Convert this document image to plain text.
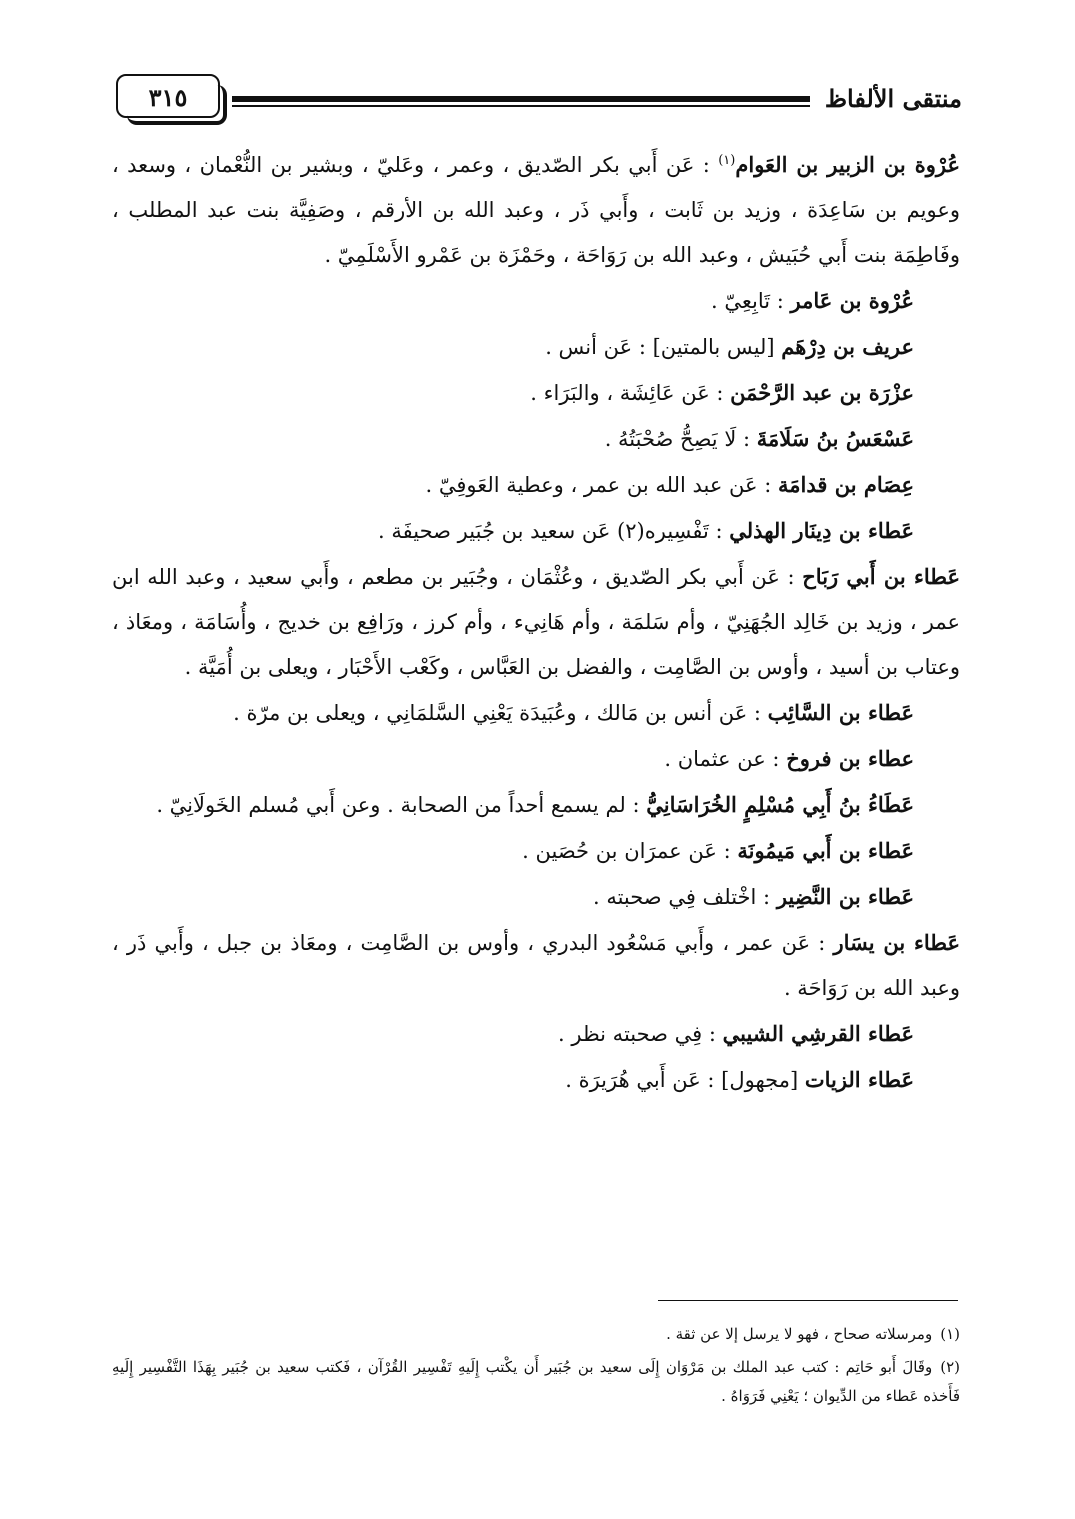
منتقى الألفاظ
٣١٥

عُرْوة بن الزبير بن العَوام$^{(١)}$ : عَن أَبي بكر الصّديق ، وعمر ، وعَليّ ، وبشير بن النُّعْمان ، وسعد ، وعويم بن سَاعِدَة ، وزيد بن ثَابت ، وأَبي ذَر ، وعبد الله بن الأرقم ، وصَفِيَّة بنت عبد المطلب ، وفَاطِمَة بنت أَبي حُبَيش ، وعبد الله بن رَوَاحَة ، وحَمْزَة بن عَمْرو الأَسْلَمِيّ .

عُرْوة بن عَامر : تَابِعِيّ .

عريف بن دِرْهَم [ليس بالمتين] : عَن أنس .

عزْرَة بن عبد الرَّحْمَن : عَن عَائِشَة ، والبَرَاء .

عَسْعَسُ بنُ سَلَامَةَ : لَا يَصِحُّ صُحْبَتُهُ .

عِصَام بن قدامَة : عَن عبد الله بن عمر ، وعطية العَوفِيّ .

عَطاء بن دِينَار الهذلي : تَفْسِيره(٢) عَن سعيد بن جُبَير صحيفَة .

عَطاء بن أَبي رَبَاح : عَن أَبي بكر الصّديق ، وعُثْمَان ، وجُبَير بن مطعم ، وأَبي سعيد ، وعبد الله ابن عمر ، وزيد بن خَالِد الجُهَنِيّ ، وأم سَلمَة ، وأم هَانِيء ، وأم كرز ، ورَافِع بن خديج ، وأُسَامَة ، ومعَاذ ، وعتاب بن أسيد ، وأوس بن الصَّامِت ، والفضل بن العَبَّاس ، وكَعْب الأَحْبَار ، ويعلى بن أُمَيَّة .

عَطاء بن السَّائِب : عَن أنس بن مَالك ، وعُبَيدَة يَعْنِي السَّلمَانِي ، ويعلى بن مرّة .

عطاء بن فروخ : عن عثمان .

عَطَاءُ بنُ أَبِي مُسْلِمٍ الخُرَاسَانِيُّ : لم يسمع أحداً من الصحابة . وعن أَبي مُسلم الخَولَانِيّ .

عَطاء بن أَبي مَيمُونَة : عَن عمرَان بن حُصَين .

عَطاء بن النَّضِير : اخْتلف فِي صحبته .

عَطاء بن يسَار : عَن عمر ، وأَبي مَسْعُود البدري ، وأوس بن الصَّامِت ، ومعَاذ بن جبل ، وأَبي ذَر ، وعبد الله بن رَوَاحَة .

عَطاء القرشِي الشيبي : فِي صحبته نظر .

عَطاء الزيات [مجهول] : عَن أَبي هُرَيرَة .

(١)ومرسلاته صحاح ، فهو لا يرسل إلا عن ثقة .

(٢)وقَالَ أَبو حَاتِم : كتب عبد الملك بن مَرْوَان إِلَى سعيد بن جُبَير أَن يكْتب إِلَيهِ تَفْسِير القُرْآن ، فَكتب سعيد بن جُبَير بِهَذَا التَّفْسِير إِلَيهِ فَأَخذه عَطاء من الدِّيوان ؛ يَعْنِي فَرَوَاهُ .
